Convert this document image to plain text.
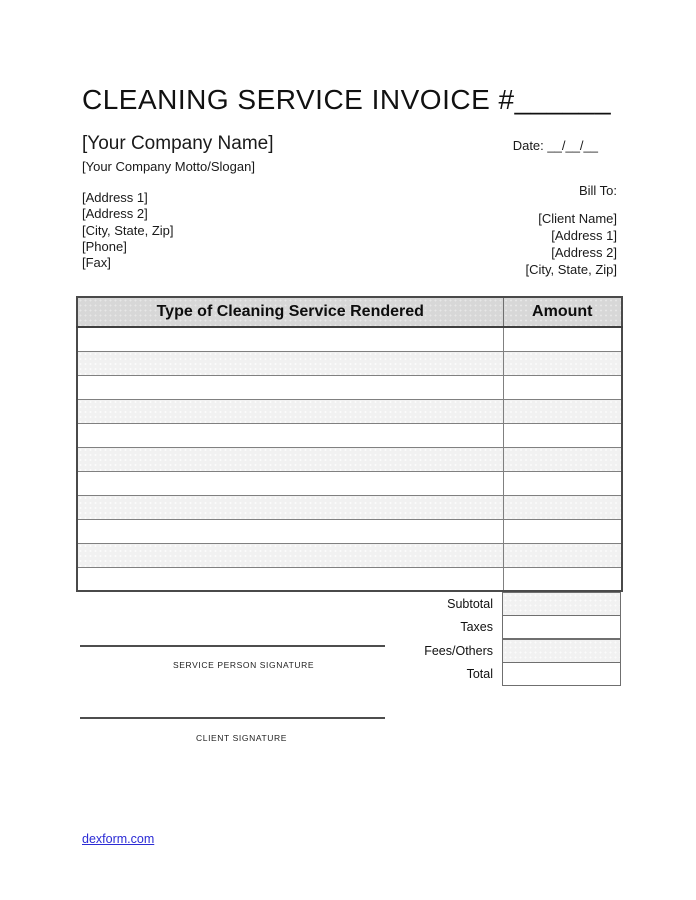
CLEANING SERVICE INVOICE #______
[Your Company Name]	Date: __/__/__
[Your Company Motto/Slogan]
[Address 1]
[Address 2]
[City, State, Zip]
[Phone]
[Fax]
Bill To:
[Client Name]
[Address 1]
[Address 2]
[City, State, Zip]
Type of Cleaning Service Rendered	Amount

Subtotal
Taxes
Fees/Others
Total
SERVICE PERSON SIGNATURE
CLIENT SIGNATURE
dexform.com
